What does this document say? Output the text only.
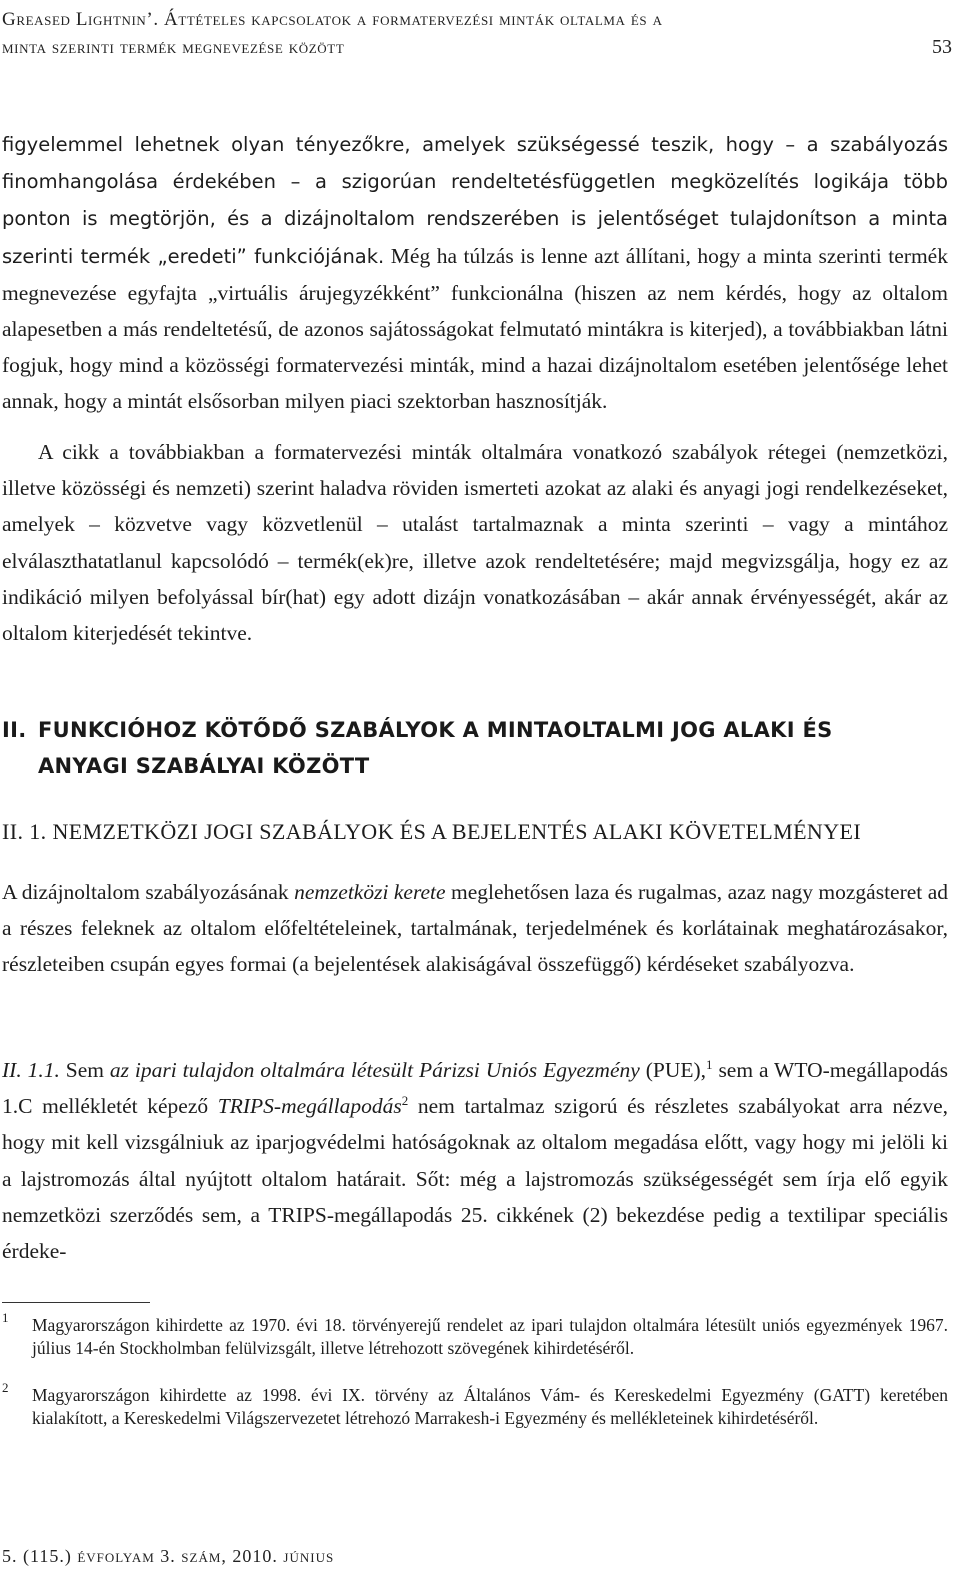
Greased Lightnin’. Áttételes kapcsolatok a formatervezési minták oltalma és a minta szerinti termék megnevezése között	53

figyelemmel lehetnek olyan tényezőkre, amelyek szükségessé teszik, hogy – a szabályozás finomhangolása érdekében – a szigorúan rendeltetésfüggetlen megközelítés logikája több ponton is megtörjön, és a dizájnoltalom rendszerében is jelentőséget tulajdonítson a minta szerinti termék „eredeti” funkciójának. Még ha túlzás is lenne azt állítani, hogy a minta szerinti termék megnevezése egyfajta „virtuális árujegyzékként” funkcionálna (hiszen az nem kérdés, hogy az oltalom alapesetben a más rendeltetésű, de azonos sajátosságokat felmutató mintákra is kiterjed), a továbbiakban látni fogjuk, hogy mind a közösségi formatervezési minták, mind a hazai dizájnoltalom esetében jelentősége lehet annak, hogy a mintát elsősorban milyen piaci szektorban hasznosítják.

A cikk a továbbiakban a formatervezési minták oltalmára vonatkozó szabályok rétegei (nemzetközi, illetve közösségi és nemzeti) szerint haladva röviden ismerteti azokat az alaki és anyagi jogi rendelkezéseket, amelyek – közvetve vagy közvetlenül – utalást tartalmaznak a minta szerinti – vagy a mintához elválaszthatatlanul kapcsolódó – termék(ek)re, illetve azok rendeltetésére; majd megvizsgálja, hogy ez az indikáció milyen befolyással bír(hat) egy adott dizájn vonatkozásában – akár annak érvényességét, akár az oltalom kiterjedését tekintve.

II. FUNKCIÓHOZ KÖTŐDŐ SZABÁLYOK A MINTAOLTALMI JOG ALAKI ÉS
ANYAGI SZABÁLYAI KÖZÖTT
II. 1. NEMZETKÖZI JOGI SZABÁLYOK ÉS A BEJELENTÉS ALAKI KÖVETELMÉNYEI

A dizájnoltalom szabályozásának nemzetközi kerete meglehetősen laza és rugalmas, azaz nagy mozgásteret ad a részes feleknek az oltalom előfeltételeinek, tartalmának, terjedelmének és korlátainak meghatározásakor, részleteiben csupán egyes formai (a bejelentések alakiságával összefüggő) kérdéseket szabályozva.

II. 1.1. Sem az ipari tulajdon oltalmára létesült Párizsi Uniós Egyezmény (PUE),$^1$ sem a WTO-megállapodás 1.C mellékletét képező TRIPS-megállapodás$^2$ nem tartalmaz szigorú és részletes szabályokat arra nézve, hogy mit kell vizsgálniuk az iparjogvédelmi hatóságoknak az oltalom megadása előtt, vagy hogy mi jelöli ki a lajstromozás által nyújtott oltalom határait. Sőt: még a lajstromozás szükségességét sem írja elő egyik nemzetközi szerződés sem, a TRIPS-megállapodás 25. cikkének (2) bekezdése pedig a textilipar speciális érdeke-

1 Magyarországon kihirdette az 1970. évi 18. törvényerejű rendelet az ipari tulajdon oltalmára létesült uniós egyezmények 1967. július 14-én Stockholmban felülvizsgált, illetve létrehozott szövegének kihirdetéséről.
2 Magyarországon kihirdette az 1998. évi IX. törvény az Általános Vám- és Kereskedelmi Egyezmény (GATT) keretében kialakított, a Kereskedelmi Világszervezetet létrehozó Marrakesh-i Egyezmény és mellékleteinek kihirdetéséről.
5. (115.) évfolyam 3. szám, 2010. június
